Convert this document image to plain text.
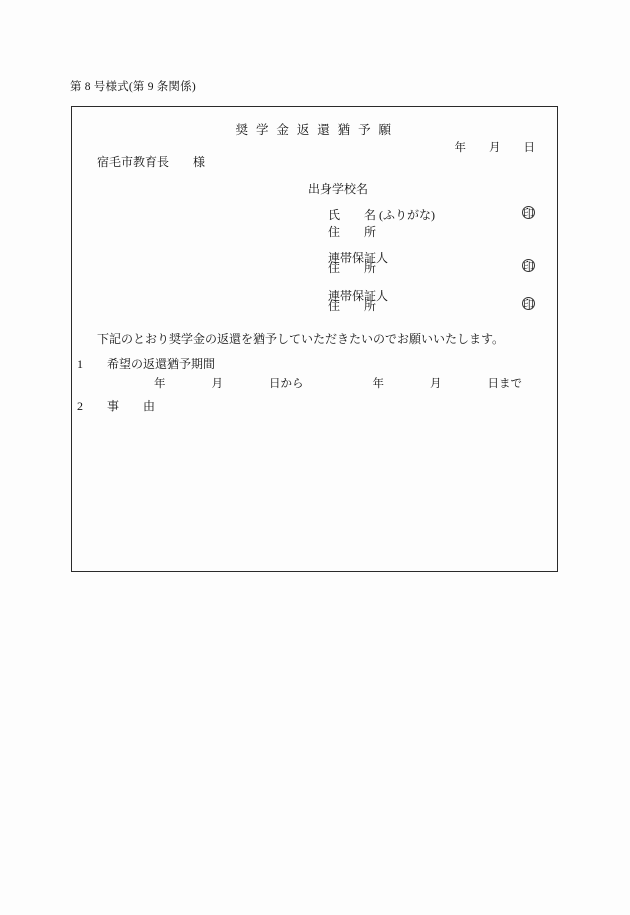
第 8 号様式(第 9 条関係)
奨 学 金 返 還 猶 予 願
年        月        日
宿毛市教育長　　様
出身学校名
氏　　名 (ふりがな)	印
住　　所
連帯保証人
住　　所	印
連帯保証人
住　　所	印
下記のとおり奨学金の返還を猶予していただきたいのでお願いいたします。
1　　希望の返還猶予期間
年　　　　月　　　　日から　　　　　　年　　　　月　　　　日まで
2　　事　　由
